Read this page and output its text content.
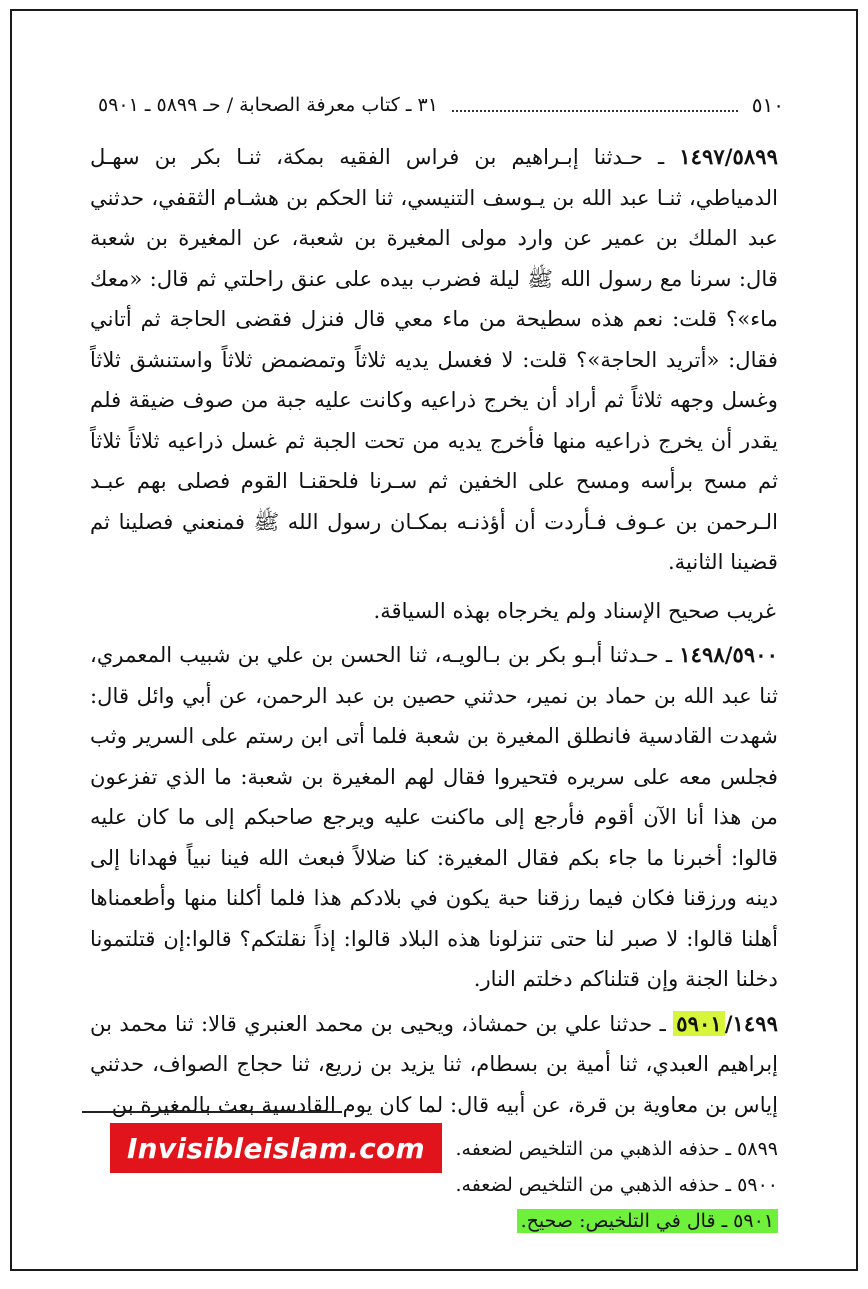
٥١٠
٣١ ـ كتاب معرفة الصحابة / حـ ٥٨٩٩ ـ ٥٩٠١

١٤٩٧/٥٨٩٩ ـ حـدثنا إبـراهيم بن فراس الفقيه بمكة، ثنـا بكر بن سهـل الدمياطي، ثنـا عبد الله بن يـوسف التنيسي، ثنا الحكم بن هشـام الثقفي، حدثني عبد الملك بن عمير عن وارد مولى المغيرة بن شعبة، عن المغيرة بن شعبة قال: سرنا مع رسول الله ﷺ ليلة فضرب بيده على عنق راحلتي ثم قال: «معك ماء»؟ قلت: نعم هذه سطيحة من ماء معي قال فنزل فقضى الحاجة ثم أتاني فقال: «أتريد الحاجة»؟ قلت: لا فغسل يديه ثلاثاً وتمضمض ثلاثاً واستنشق ثلاثاً وغسل وجهه ثلاثاً ثم أراد أن يخرج ذراعيه وكانت عليه جبة من صوف ضيقة فلم يقدر أن يخرج ذراعيه منها فأخرج يديه من تحت الجبة ثم غسل ذراعيه ثلاثاً ثلاثاً ثم مسح برأسه ومسح على الخفين ثم سـرنا فلحقنـا القوم فصلى بهم عبـد الـرحمن بن عـوف فـأردت أن أؤذنـه بمكـان رسول الله ﷺ فمنعني فصلينا ثم قضينا الثانية.

غريب صحيح الإسناد ولم يخرجاه بهذه السياقة.

١٤٩٨/٥٩٠٠ ـ حـدثنا أبـو بكر بن بـالويـه، ثنا الحسن بن علي بن شبيب المعمري، ثنا عبد الله بن حماد بن نمير، حدثني حصين بن عبد الرحمن، عن أبي وائل قال: شهدت القادسية فانطلق المغيرة بن شعبة فلما أتى ابن رستم على السرير وثب فجلس معه على سريره فتحيروا فقال لهم المغيرة بن شعبة: ما الذي تفزعون من هذا أنا الآن أقوم فأرجع إلى ماكنت عليه ويرجع صاحبكم إلى ما كان عليه قالوا: أخبرنا ما جاء بكم فقال المغيرة: كنا ضلالاً فبعث الله فينا نبياً فهدانا إلى دينه ورزقنا فكان فيما رزقنا حبة يكون في بلادكم هذا فلما أكلنا منها وأطعمناها أهلنا قالوا: لا صبر لنا حتى تنزلونا هذه البلاد قالوا: إذاً نقلتكم؟ قالوا:إن قتلتمونا دخلنا الجنة وإن قتلناكم دخلتم النار.

٥٩٠١ /١٤٩٩ ـ حدثنا علي بن حمشاذ، ويحيى بن محمد العنبري قالا: ثنا محمد بن إبراهيم العبدي، ثنا أمية بن بسطام، ثنا يزيد بن زريع، ثنا حجاج الصواف، حدثني إياس بن معاوية بن قرة، عن أبيه قال: لما كان يوم القادسية بعث بالمغيرة بن

Invisibleislam.com	٥٨٩٩ ـ حذفه الذهبي من التلخيص لضعفه.

٥٩٠٠ ـ حذفه الذهبي من التلخيص لضعفه.

٥٩٠١ ـ قال في التلخيص: صحيح.
